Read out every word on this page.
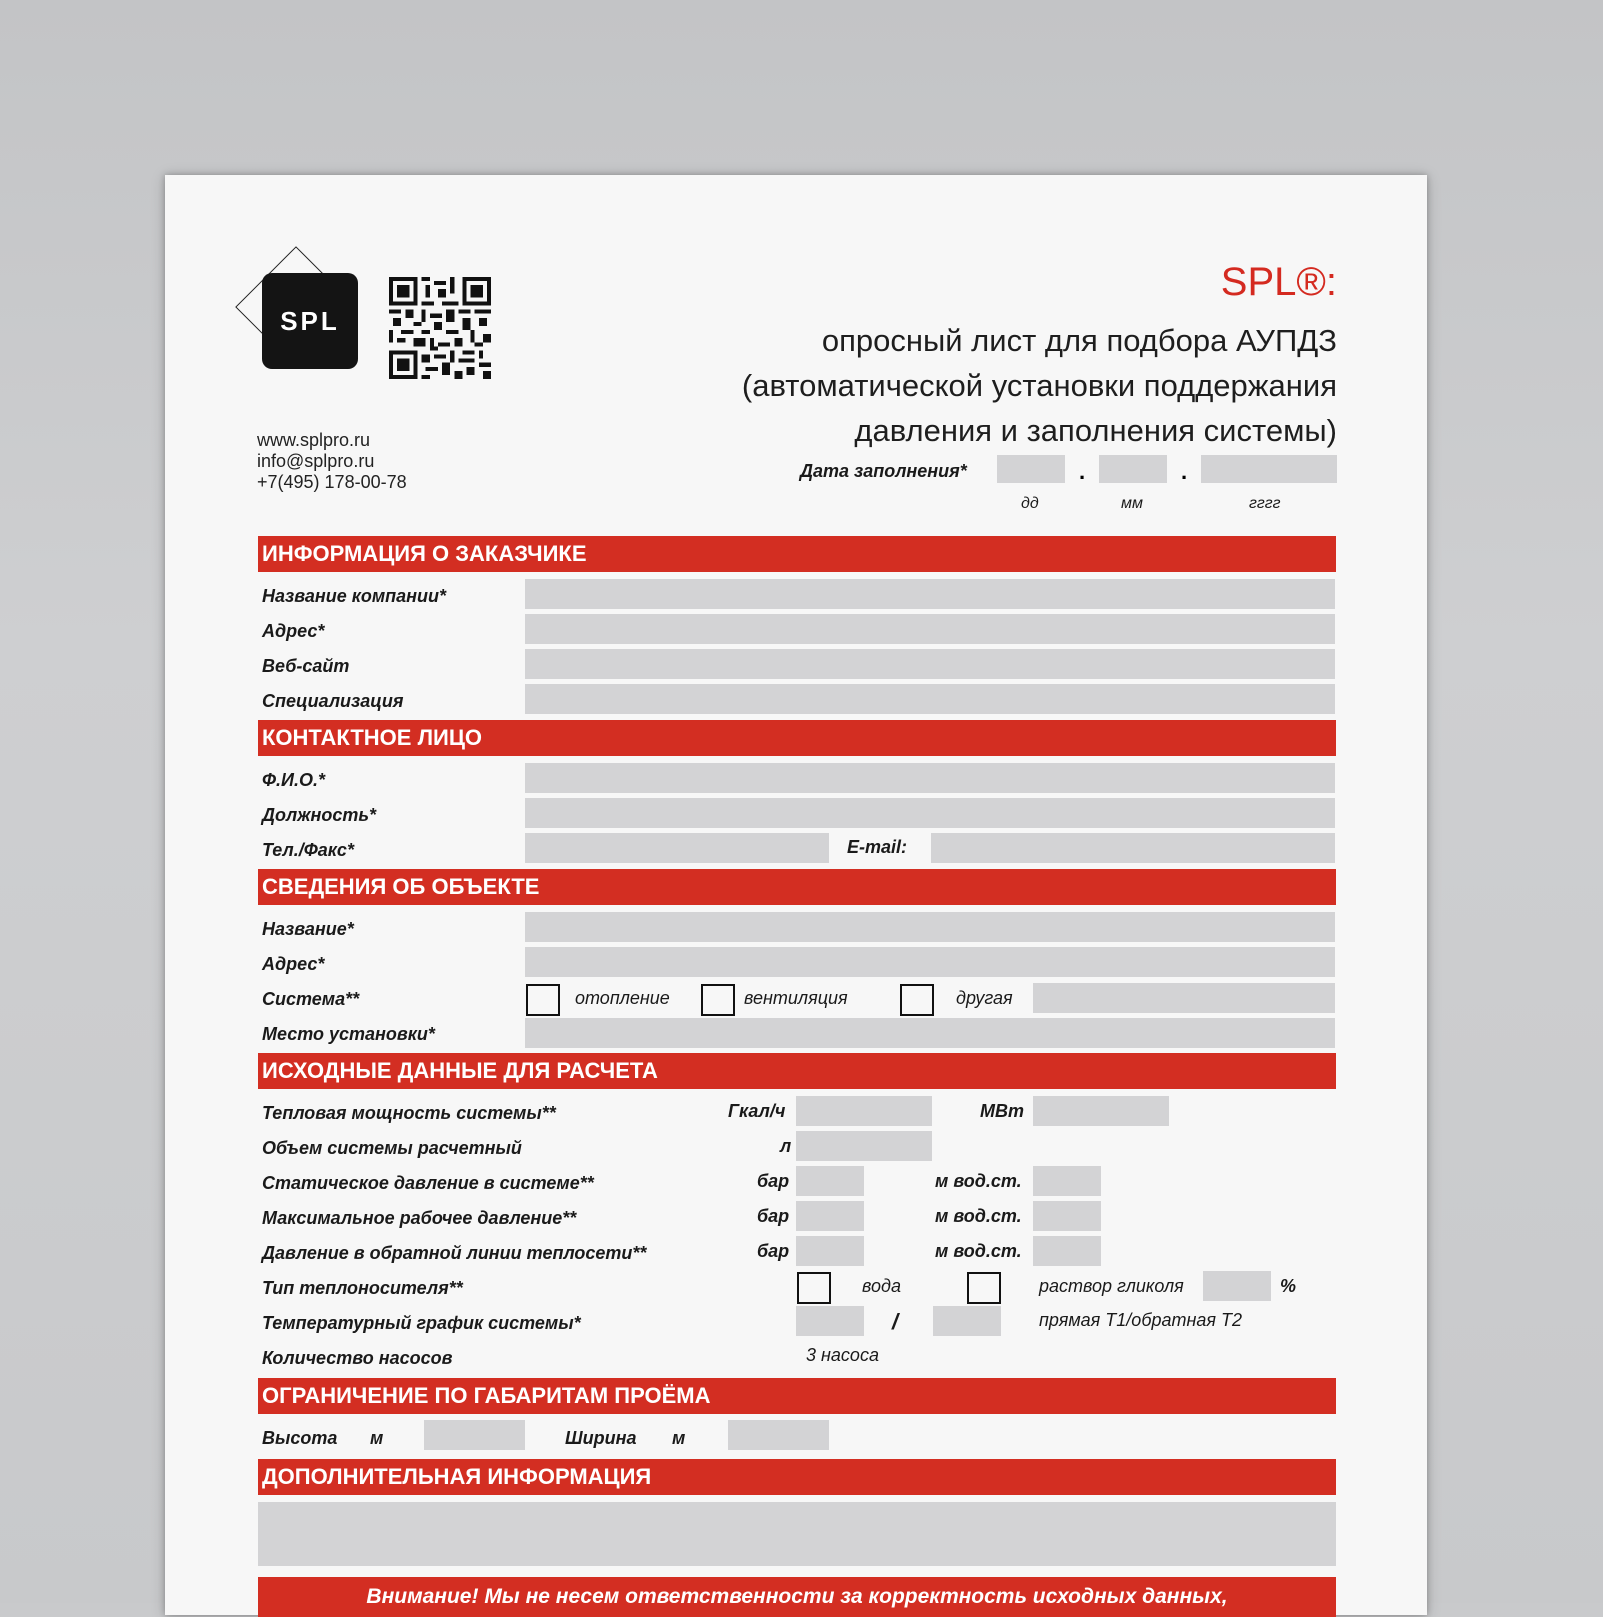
SPL
www.splpro.ru
info@splpro.ru
+7(495) 178-00-78
SPL®:
опросный лист для подбора АУПДЗ
(автоматической установки поддержания
давления и заполнения системы)
Дата заполнения*	.	.
дд	мм	гггг
ИНФОРМАЦИЯ О ЗАКАЗЧИКЕ
Название компании*
Адрес*
Веб-сайт
Специализация
КОНТАКТНОЕ ЛИЦО
Ф.И.О.*
Должность*
Тел./Факс*	E-mail:
СВЕДЕНИЯ ОБ ОБЪЕКТЕ
Название*
Адрес*
Система**	отопление	вентиляция	другая
Место установки*
ИСХОДНЫЕ ДАННЫЕ ДЛЯ РАСЧЕТА
Тепловая мощность системы**	Гкал/ч	МВт
Объем системы расчетный	л
Статическое давление в системе**	бар	м вод.ст.
Максимальное рабочее давление**	бар	м вод.ст.
Давление в обратной линии теплосети**	бар	м вод.ст.
Тип теплоносителя**	вода	раствор гликоля	%
Температурный график системы*	/	прямая Т1/обратная Т2
Количество насосов	3 насоса
ОГРАНИЧЕНИЕ ПО ГАБАРИТАМ ПРОЁМА
Высота м	Ширина м
ДОПОЛНИТЕЛЬНАЯ ИНФОРМАЦИЯ
Внимание! Мы не несем ответственности за корректность исходных данных,
